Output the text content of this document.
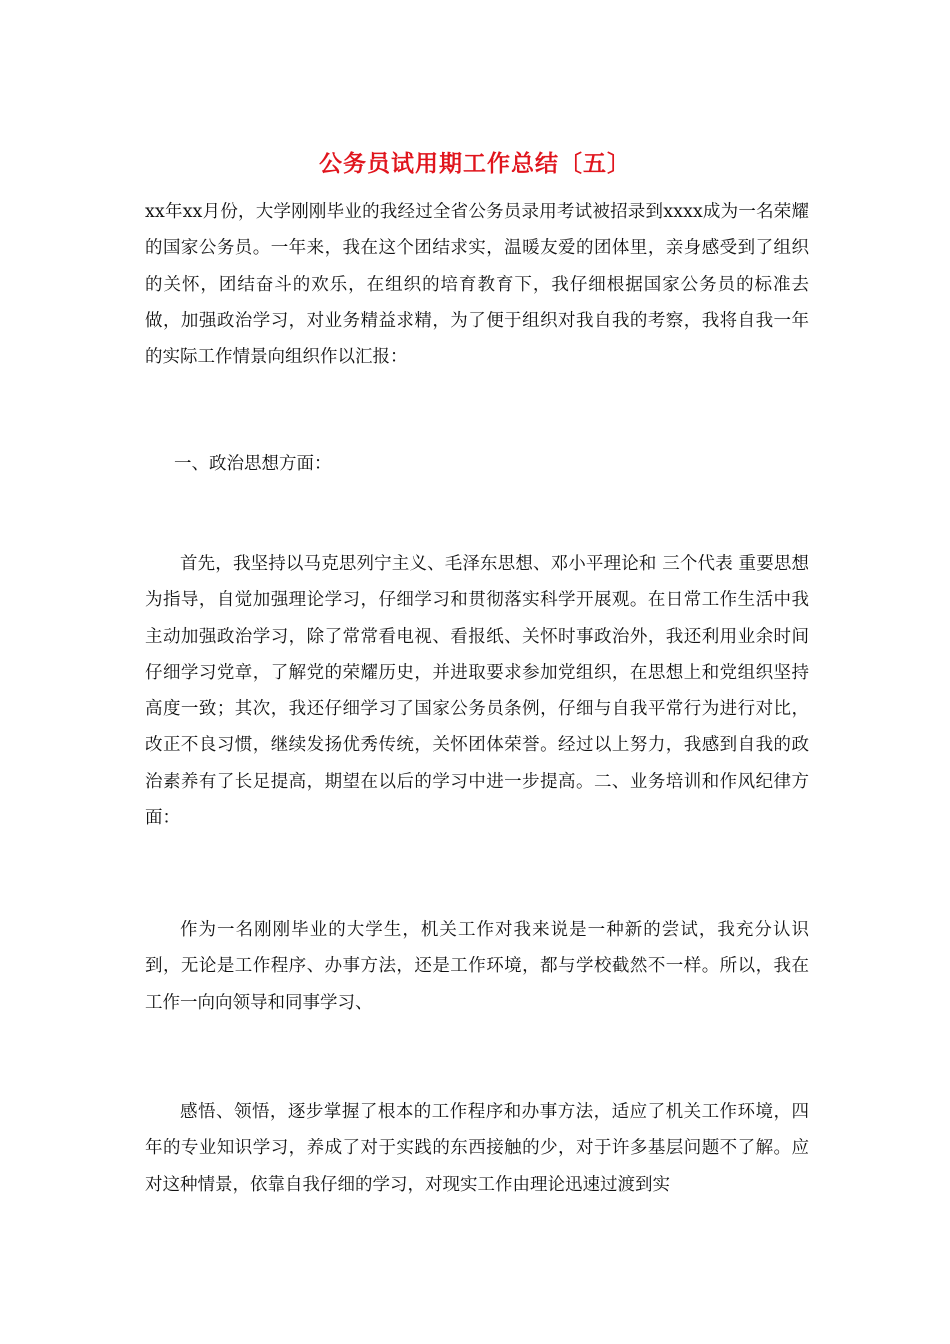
公务员试用期工作总结〔五〕

xx年xx月份，大学刚刚毕业的我经过全省公务员录用考试被招录到xxxx成为一名荣耀的国家公务员。一年来，我在这个团结求实，温暖友爱的团体里，亲身感受到了组织的关怀，团结奋斗的欢乐，在组织的培育教育下，我仔细根据国家公务员的标准去做，加强政治学习，对业务精益求精，为了便于组织对我自我的考察，我将自我一年的实际工作情景向组织作以汇报：

一、政治思想方面：

首先，我坚持以马克思列宁主义、毛泽东思想、邓小平理论和 三个代表 重要思想为指导，自觉加强理论学习，仔细学习和贯彻落实科学开展观。在日常工作生活中我主动加强政治学习，除了常常看电视、看报纸、关怀时事政治外，我还利用业余时间仔细学习党章，了解党的荣耀历史，并进取要求参加党组织，在思想上和党组织坚持高度一致；其次，我还仔细学习了国家公务员条例，仔细与自我平常行为进行对比，改正不良习惯，继续发扬优秀传统，关怀团体荣誉。经过以上努力，我感到自我的政治素养有了长足提高，期望在以后的学习中进一步提高。二、业务培训和作风纪律方面：

作为一名刚刚毕业的大学生，机关工作对我来说是一种新的尝试，我充分认识到，无论是工作程序、办事方法，还是工作环境，都与学校截然不一样。所以，我在工作一向向领导和同事学习、

感悟、领悟，逐步掌握了根本的工作程序和办事方法，适应了机关工作环境，四年的专业知识学习，养成了对于实践的东西接触的少，对于许多基层问题不了解。应对这种情景，依靠自我仔细的学习，对现实工作由理论迅速过渡到实
